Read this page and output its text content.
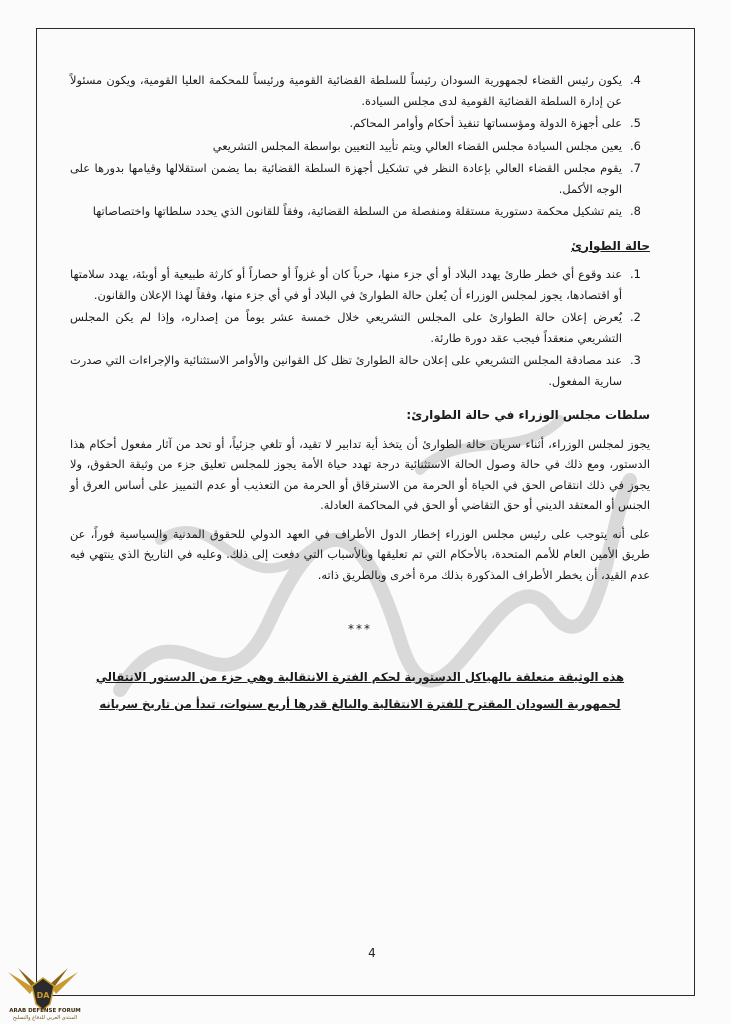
4.
يكون رئيس القضاء لجمهورية السودان رئيساً للسلطة القضائية القومية ورئيساً للمحكمة العليا القومية، ويكون مسئولاً عن إدارة السلطة القضائية القومية لدى مجلس السيادة.
5.
على أجهزة الدولة ومؤسساتها تنفيذ أحكام وأوامر المحاكم.
6.
يعين مجلس السيادة مجلس القضاء العالي ويتم تأييد التعيين بواسطة المجلس التشريعي
7.
يقوم مجلس القضاء العالي بإعادة النظر في تشكيل أجهزة السلطة القضائية بما يضمن استقلالها وقيامها بدورها على الوجه الأكمل.
8.
يتم تشكيل محكمة دستورية مستقلة ومنفصلة من السلطة القضائية، وفقاً للقانون الذي يحدد سلطاتها واختصاصاتها
حالة الطوارئ
1.
عند وقوع أي خطر طارئ يهدد البلاد أو أي جزء منها، حرباً كان أو غزواً أو حصاراً أو كارثة طبيعية أو أوبئة، يهدد سلامتها أو اقتصادها، يجوز لمجلس الوزراء أن يُعلن حالة الطوارئ في البلاد أو في أي جزء منها، وفقاً لهذا الإعلان والقانون.
2.
يُعرض إعلان حالة الطوارئ على المجلس التشريعي خلال خمسة عشر يوماً من إصداره، وإذا لم يكن المجلس التشريعي منعقداً فيجب عقد دورة طارئة.
3.
عند مصادقة المجلس التشريعي على إعلان حالة الطوارئ تظل كل القوانين والأوامر الاستثنائية والإجراءات التي صدرت سارية المفعول.
سلطات مجلس الوزراء في حالة الطوارئ:

يجوز لمجلس الوزراء، أثناء سريان حالة الطوارئ أن يتخذ أية تدابير لا تقيد، أو تلغي جزئياً، أو تحد من آثار مفعول أحكام هذا الدستور، ومع ذلك في حالة وصول الحالة الاستثنائية درجة تهدد حياة الأمة يجوز للمجلس تعليق جزء من وثيقة الحقوق، ولا يجوز في ذلك انتقاص الحق في الحياة أو الحرمة من الاسترقاق أو الحرمة من التعذيب أو عدم التمييز على أساس العرق أو الجنس أو المعتقد الديني أو حق التقاضي أو الحق في المحاكمة العادلة.

على أنه يتوجب على رئيس مجلس الوزراء إخطار الدول الأطراف في العهد الدولي للحقوق المدنية والسياسية فوراً، عن طريق الأمين العام للأمم المتحدة، بالأحكام التي تم تعليقها وبالأسباب التي دفعت إلى ذلك. وعليه في التاريخ الذي ينتهي فيه عدم القيد، أن يخطر الأطراف المذكورة بذلك مرة أخرى وبالطريق ذاته.

***
هذه الوثيقة متعلقة بالهياكل الدستورية لحكم الفترة الانتقالية وهي جزء من الدستور الانتقالي لجمهورية السودان المقترح للفترة الانتقالية والبالغ قدرها أربع سنوات، تبدأ من تاريخ سريانه
4
DA
ARAB DEFENSE FORUM
المنتدى العربي للدفاع والتسليح
